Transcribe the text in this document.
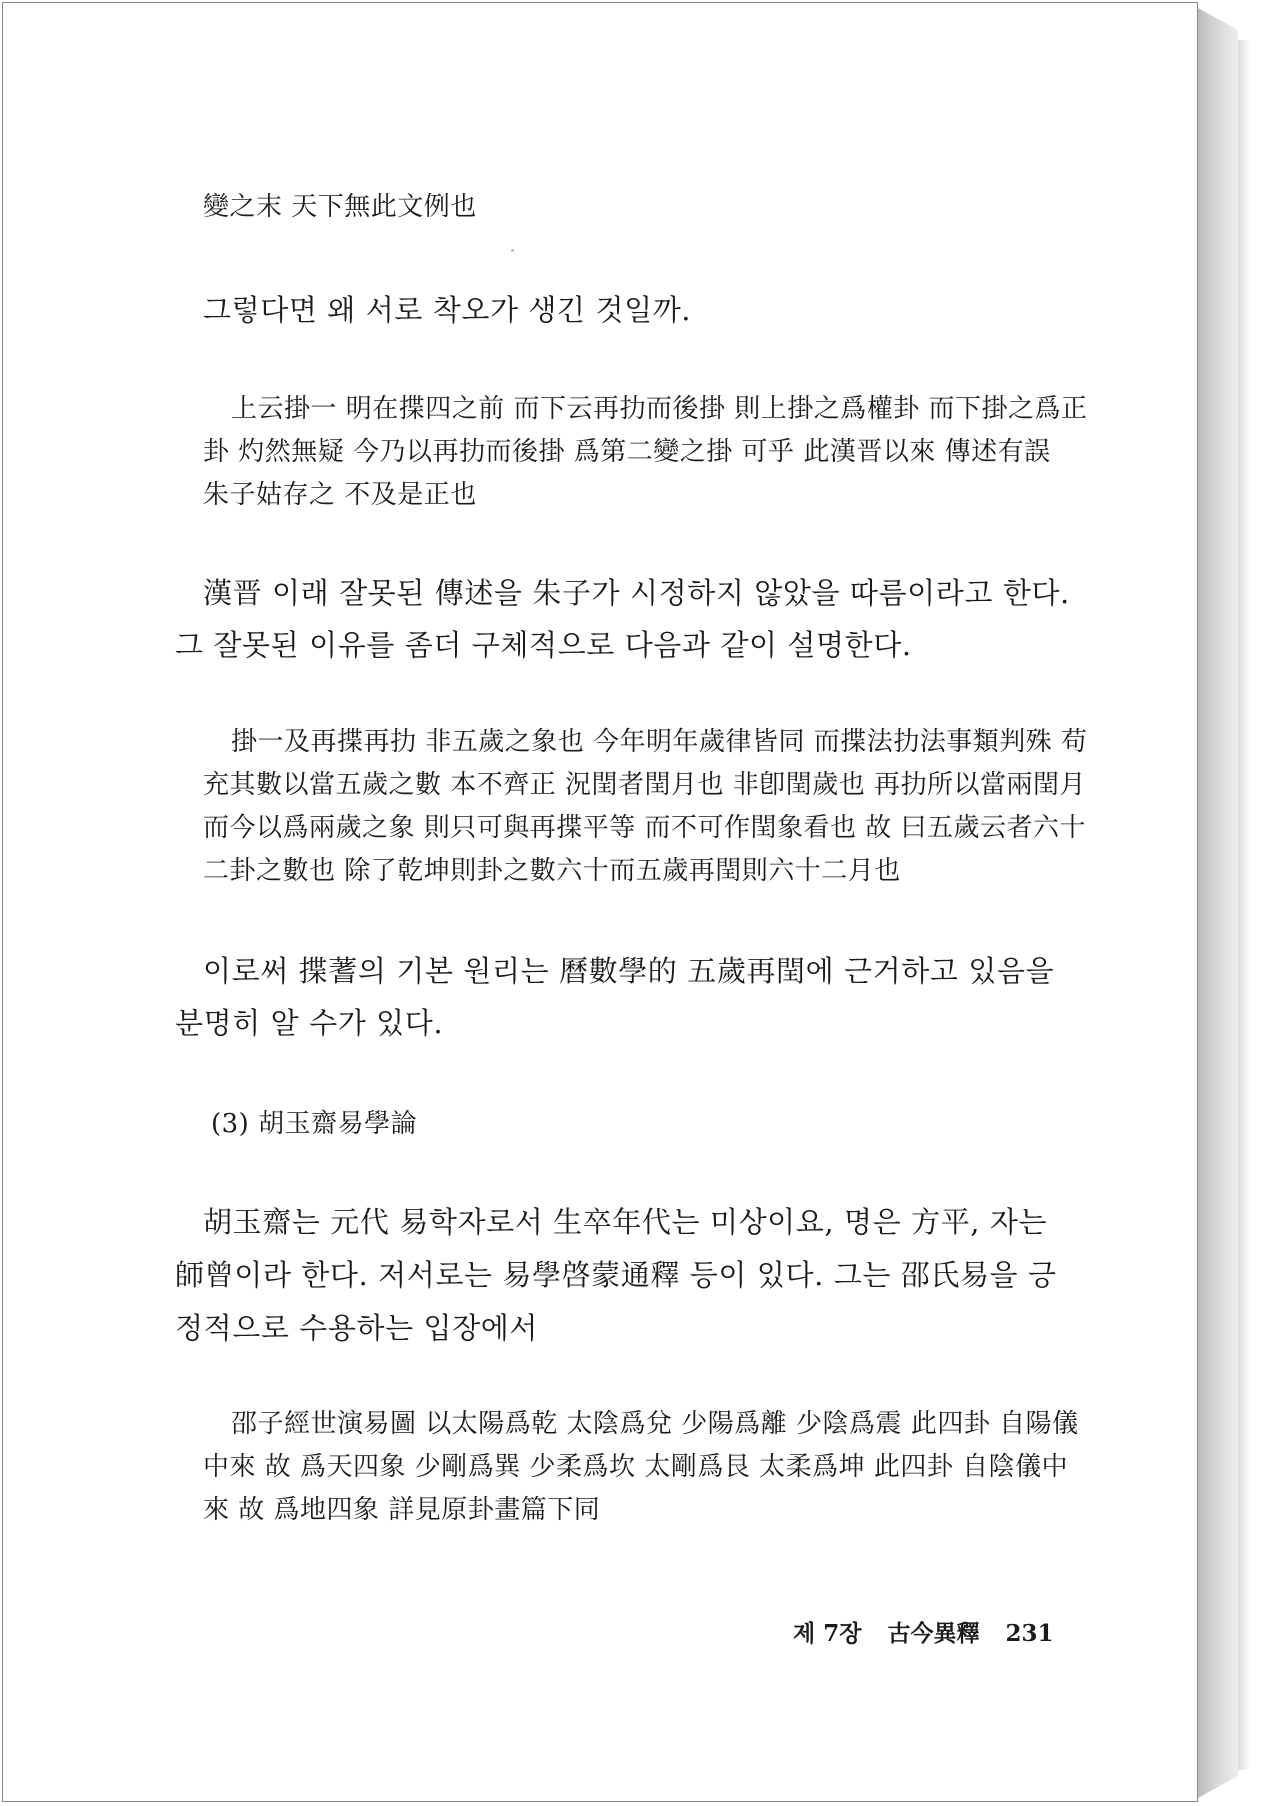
變之末 天下無此文例也

그렇다면 왜 서로 착오가 생긴 것일까.

上云掛一 明在揲四之前 而下云再扐而後掛 則上掛之爲權卦 而下掛之爲正

卦 灼然無疑 今乃以再扐而後掛 爲第二變之掛 可乎 此漢晋以來 傳述有誤

朱子姑存之 不及是正也

漢晋 이래 잘못된 傳述을 朱子가 시정하지 않았을 따름이라고 한다.

그 잘못된 이유를 좀더 구체적으로 다음과 같이 설명한다.

掛一及再揲再扐 非五歲之象也 今年明年歲律皆同 而揲法扐法事類判殊 苟

充其數以當五歲之數 本不齊正 況閏者閏月也 非卽閏歲也 再扐所以當兩閏月

而今以爲兩歲之象 則只可與再揲平等 而不可作閏象看也 故 曰五歲云者六十

二卦之數也 除了乾坤則卦之數六十而五歲再閏則六十二月也

이로써 揲蓍의 기본 원리는 曆數學的 五歲再閏에 근거하고 있음을

분명히 알 수가 있다.

(3) 胡玉齋易學論

胡玉齋는 元代 易학자로서 生卒年代는 미상이요, 명은 方平, 자는

師曾이라 한다. 저서로는 易學啓蒙通釋 등이 있다. 그는 邵氏易을 긍

정적으로 수용하는 입장에서

邵子經世演易圖 以太陽爲乾 太陰爲兌 少陽爲離 少陰爲震 此四卦 自陽儀

中來 故 爲天四象 少剛爲巽 少柔爲坎 太剛爲艮 太柔爲坤 此四卦 自陰儀中

來 故 爲地四象 詳見原卦畫篇下同

제 7장 古今異釋 231
